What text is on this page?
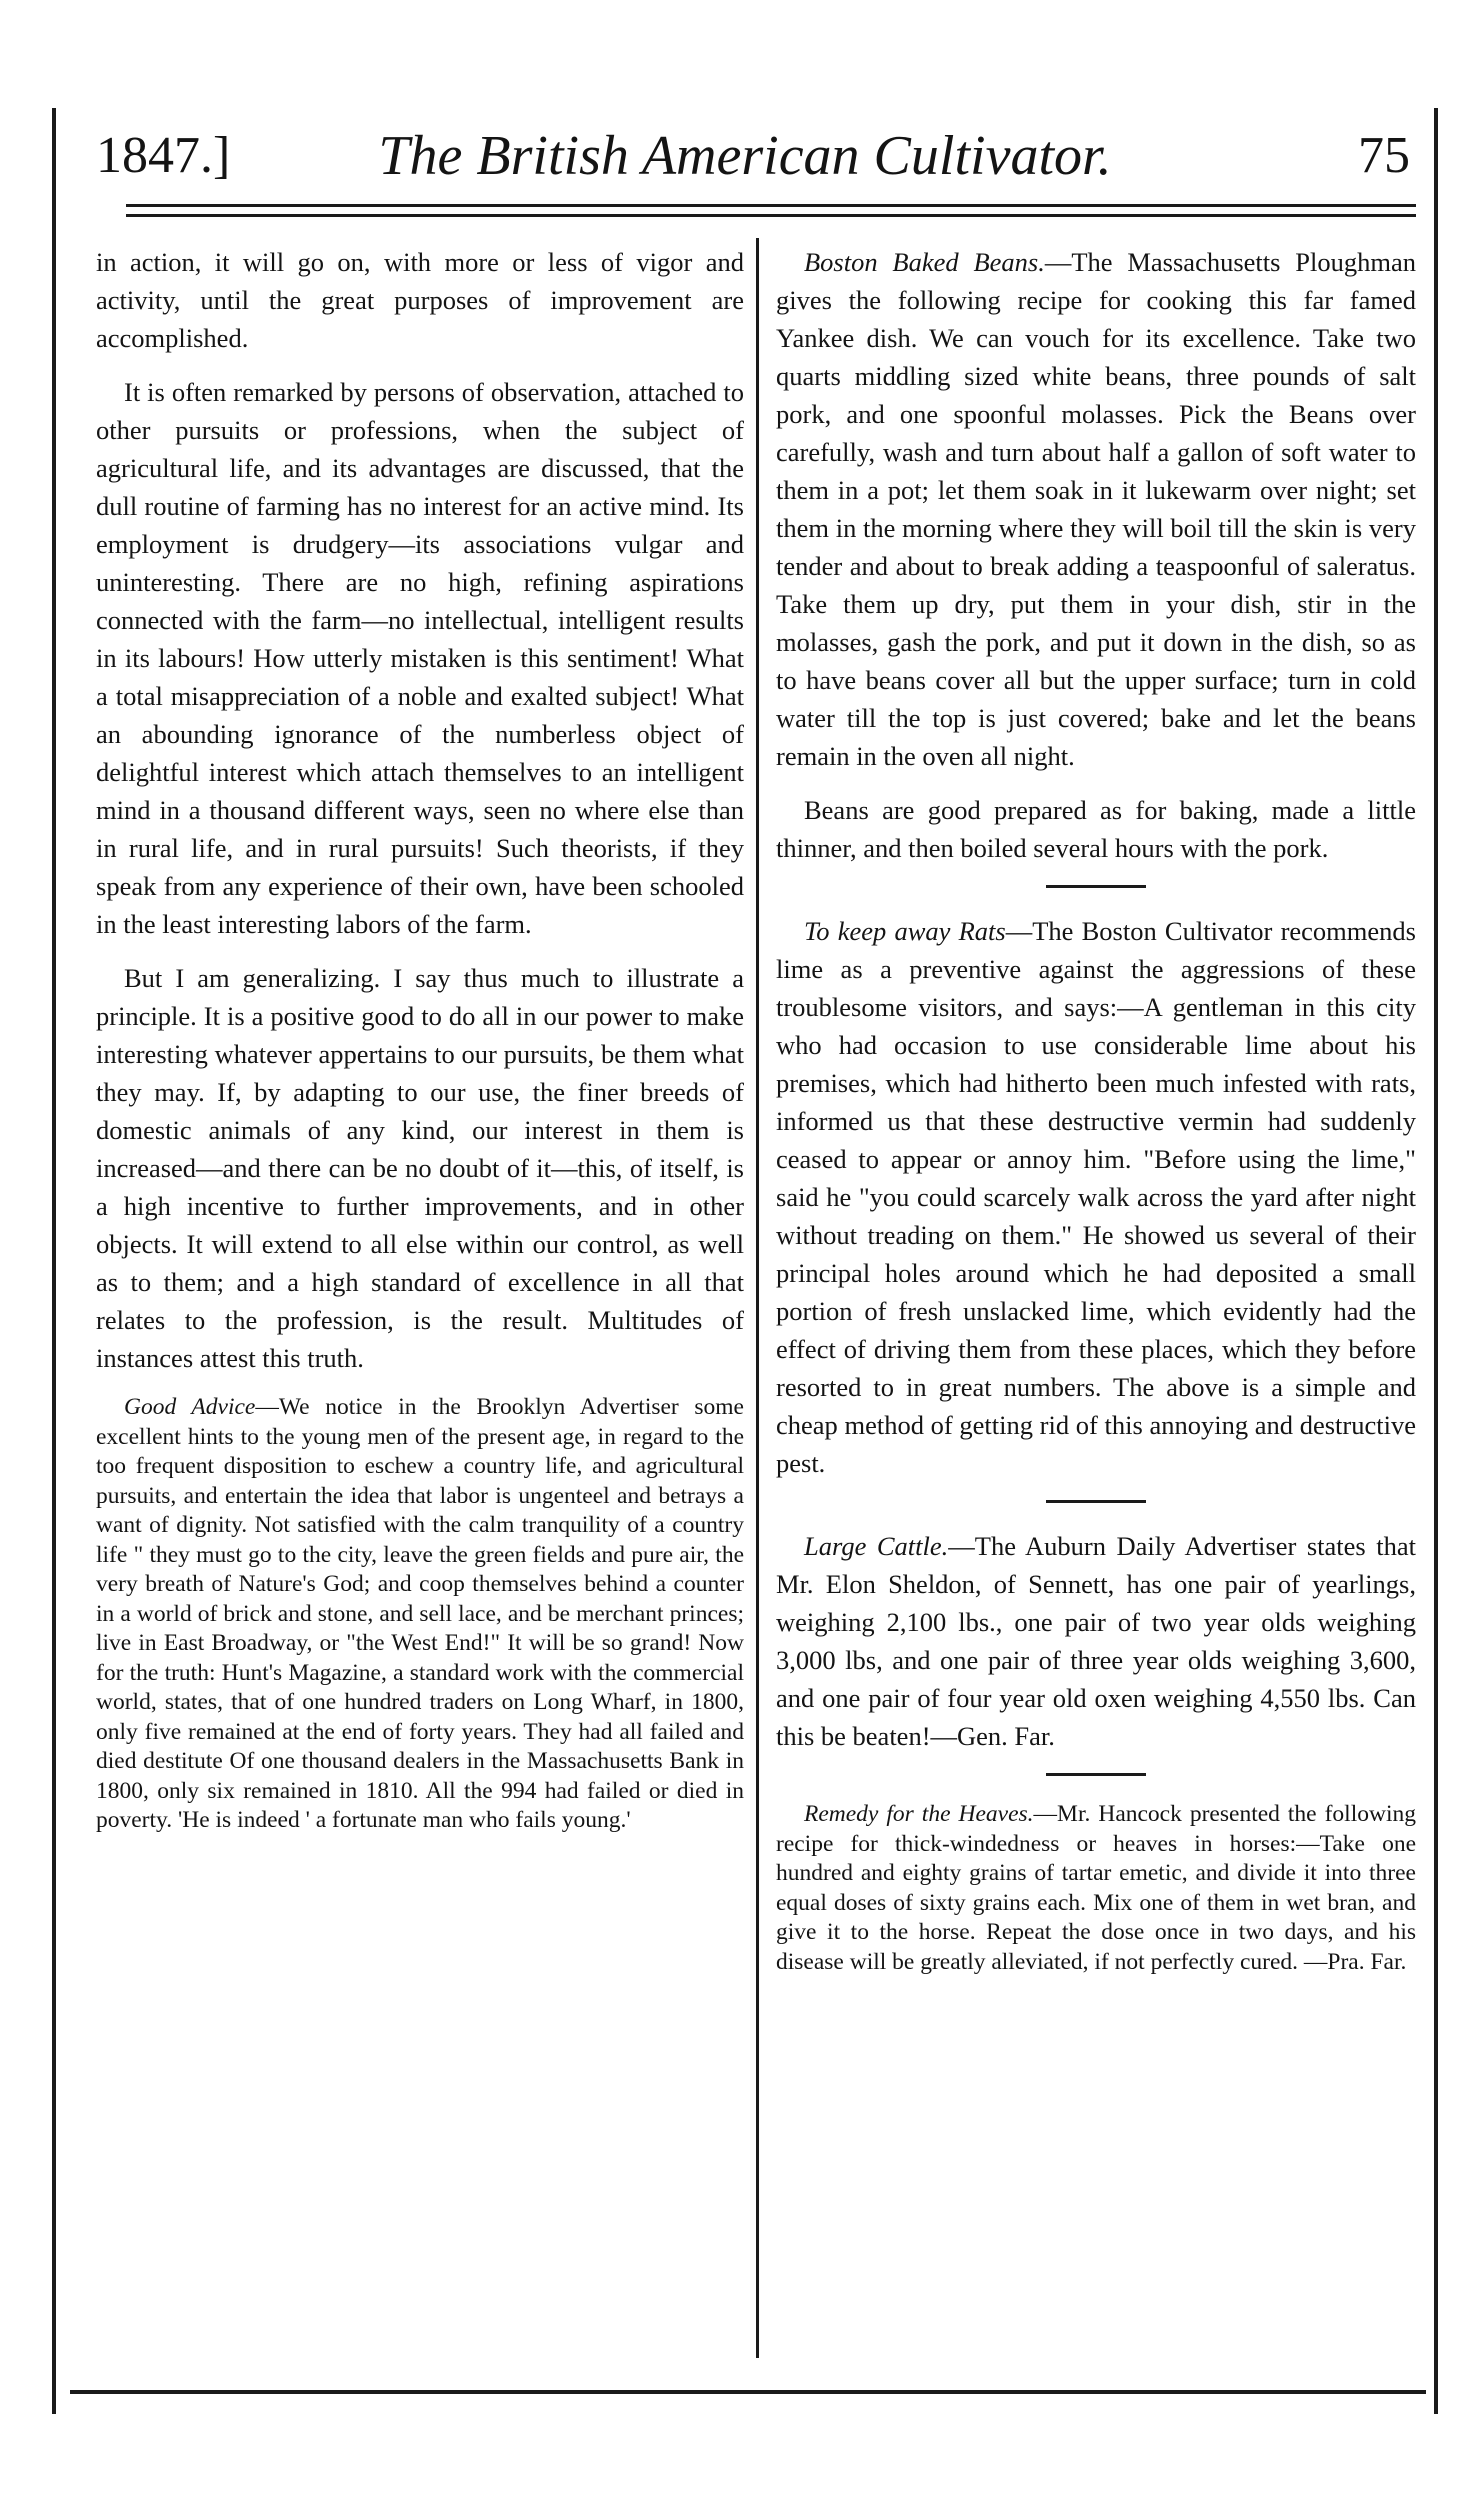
1847.]	The British American Cultivator.	75

in action, it will go on, with more or less of vigor and activity, until the great purposes of improvement are accomplished.

It is often remarked by persons of observation, attached to other pursuits or professions, when the subject of agricultural life, and its advantages are discussed, that the dull routine of farming has no interest for an active mind. Its employment is drudgery—its associations vulgar and uninteresting. There are no high, refining aspirations connected with the farm—no intellectual, intelligent results in its labours! How utterly mistaken is this sentiment! What a total misappreciation of a noble and exalted subject! What an abounding ignorance of the numberless object of delightful interest which attach themselves to an intelligent mind in a thousand different ways, seen no where else than in rural life, and in rural pursuits! Such theorists, if they speak from any experience of their own, have been schooled in the least interesting labors of the farm.

But I am generalizing. I say thus much to illustrate a principle. It is a positive good to do all in our power to make interesting whatever appertains to our pursuits, be them what they may. If, by adapting to our use, the finer breeds of domestic animals of any kind, our interest in them is increased—and there can be no doubt of it—this, of itself, is a high incentive to further improvements, and in other objects. It will extend to all else within our control, as well as to them; and a high standard of excellence in all that relates to the profession, is the result. Multitudes of instances attest this truth.

Good Advice—We notice in the Brooklyn Advertiser some excellent hints to the young men of the present age, in regard to the too frequent disposition to eschew a country life, and agricultural pursuits, and entertain the idea that labor is ungenteel and betrays a want of dignity. Not satisfied with the calm tranquility of a country life " they must go to the city, leave the green fields and pure air, the very breath of Nature's God; and coop themselves behind a counter in a world of brick and stone, and sell lace, and be merchant princes; live in East Broadway, or "the West End!" It will be so grand! Now for the truth: Hunt's Magazine, a standard work with the commercial world, states, that of one hundred traders on Long Wharf, in 1800, only five remained at the end of forty years. They had all failed and died destitute Of one thousand dealers in the Massachusetts Bank in 1800, only six remained in 1810. All the 994 had failed or died in poverty. 'He is indeed ' a fortunate man who fails young.'

Boston Baked Beans.—The Massachusetts Ploughman gives the following recipe for cooking this far famed Yankee dish. We can vouch for its excellence. Take two quarts middling sized white beans, three pounds of salt pork, and one spoonful molasses. Pick the Beans over carefully, wash and turn about half a gallon of soft water to them in a pot; let them soak in it lukewarm over night; set them in the morning where they will boil till the skin is very tender and about to break adding a teaspoonful of saleratus. Take them up dry, put them in your dish, stir in the molasses, gash the pork, and put it down in the dish, so as to have beans cover all but the upper surface; turn in cold water till the top is just covered; bake and let the beans remain in the oven all night.

Beans are good prepared as for baking, made a little thinner, and then boiled several hours with the pork.

To keep away Rats—The Boston Cultivator recommends lime as a preventive against the aggressions of these troublesome visitors, and says:—A gentleman in this city who had occasion to use considerable lime about his premises, which had hitherto been much infested with rats, informed us that these destructive vermin had suddenly ceased to appear or annoy him. "Before using the lime," said he "you could scarcely walk across the yard after night without treading on them." He showed us several of their principal holes around which he had deposited a small portion of fresh unslacked lime, which evidently had the effect of driving them from these places, which they before resorted to in great numbers. The above is a simple and cheap method of getting rid of this annoying and destructive pest.

Large Cattle.—The Auburn Daily Advertiser states that Mr. Elon Sheldon, of Sennett, has one pair of yearlings, weighing 2,100 lbs., one pair of two year olds weighing 3,000 lbs, and one pair of three year olds weighing 3,600, and one pair of four year old oxen weighing 4,550 lbs. Can this be beaten!—Gen. Far.

Remedy for the Heaves.—Mr. Hancock presented the following recipe for thick-windedness or heaves in horses:—Take one hundred and eighty grains of tartar emetic, and divide it into three equal doses of sixty grains each. Mix one of them in wet bran, and give it to the horse. Repeat the dose once in two days, and his disease will be greatly alleviated, if not perfectly cured. —Pra. Far.
